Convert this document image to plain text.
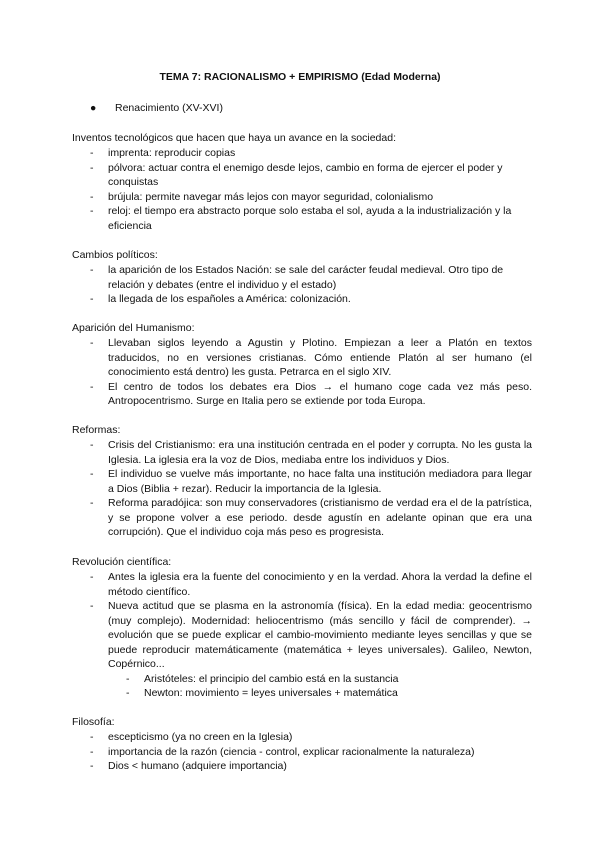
TEMA 7: RACIONALISMO + EMPIRISMO (Edad Moderna)
●	Renacimiento (XV-XVI)
Inventos tecnológicos que hacen que haya un avance en la sociedad:
- imprenta: reproducir copias
- pólvora: actuar contra el enemigo desde lejos, cambio en forma de ejercer el poder y conquistas
- brújula: permite navegar más lejos con mayor seguridad, colonialismo
- reloj: el tiempo era abstracto porque solo estaba el sol, ayuda a la industrialización y la eficiencia
Cambios políticos:
- la aparición de los Estados Nación: se sale del carácter feudal medieval. Otro tipo de relación y debates (entre el individuo y el estado)
- la llegada de los españoles a América: colonización.
Aparición del Humanismo:
- Llevaban siglos leyendo a Agustin y Plotino. Empiezan a leer a Platón en textos traducidos, no en versiones cristianas. Cómo entiende Platón al ser humano (el conocimiento está dentro) les gusta. Petrarca en el siglo XIV.
- El centro de todos los debates era Dios → el humano coge cada vez más peso. Antropocentrismo. Surge en Italia pero se extiende por toda Europa.
Reformas:
- Crisis del Cristianismo: era una institución centrada en el poder y corrupta. No les gusta la Iglesia. La iglesia era la voz de Dios, mediaba entre los individuos y Dios.
- El individuo se vuelve más importante, no hace falta una institución mediadora para llegar a Dios (Biblia + rezar). Reducir la importancia de la Iglesia.
- Reforma paradójica: son muy conservadores (cristianismo de verdad era el de la patrística, y se propone volver a ese periodo. desde agustín en adelante opinan que era una corrupción). Que el individuo coja más peso es progresista.
Revolución científica:
- Antes la iglesia era la fuente del conocimiento y en la verdad. Ahora la verdad la define el método científico.
- Nueva actitud que se plasma en la astronomía (física). En la edad media: geocentrismo (muy complejo). Modernidad: heliocentrismo (más sencillo y fácil de comprender). → evolución que se puede explicar el cambio-movimiento mediante leyes sencillas y que se puede reproducir matemáticamente (matemática + leyes universales). Galileo, Newton, Copérnico...
- Aristóteles: el principio del cambio está en la sustancia
- Newton: movimiento = leyes universales + matemática
Filosofía:
- escepticismo (ya no creen en la Iglesia)
- importancia de la razón (ciencia - control, explicar racionalmente la naturaleza)
- Dios < humano (adquiere importancia)
